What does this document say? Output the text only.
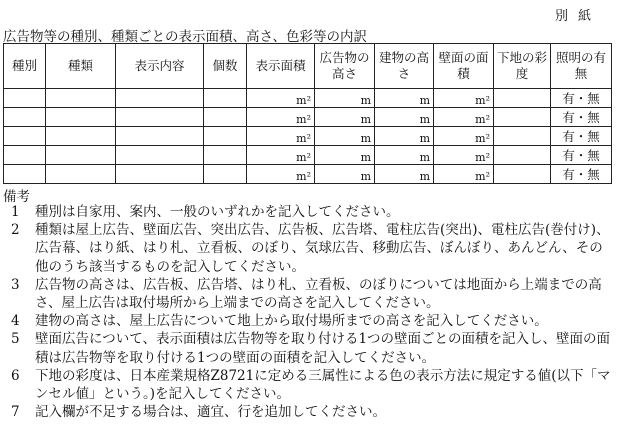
別紙
広告物等の種別、種類ごとの表示面積、高さ、色彩等の内訳
種別	種類	表示内容	個数	表示面積	広告物の高さ	建物の高さ	壁面の面積	下地の彩度	照明の有無
				m²	m	m	m²		有・無
				m²	m	m	m²		有・無
				m²	m	m	m²		有・無
				m²	m	m	m²		有・無
				m²	m	m	m²		有・無
備考
1	種別は自家用、案内、一般のいずれかを記入してください。
2	種類は屋上広告、壁面広告、突出広告、広告板、広告塔、電柱広告(突出)、電柱広告(巻付け)、広告幕、はり紙、はり札、立看板、のぼり、気球広告、移動広告、ぼんぼり、あんどん、その他のうち該当するものを記入してください。
3	広告物の高さは、広告板、広告塔、はり札、立看板、のぼりについては地面から上端までの高さ、屋上広告は取付場所から上端までの高さを記入してください。
4	建物の高さは、屋上広告について地上から取付場所までの高さを記入してください。
5	壁面広告について、表示面積は広告物等を取り付ける1つの壁面ごとの面積を記入し、壁面の面積は広告物等を取り付ける1つの壁面の面積を記入してください。
6	下地の彩度は、日本産業規格Z8721に定める三属性による色の表示方法に規定する値(以下「マンセル値」という。)を記入してください。
7	記入欄が不足する場合は、適宜、行を追加してください。
